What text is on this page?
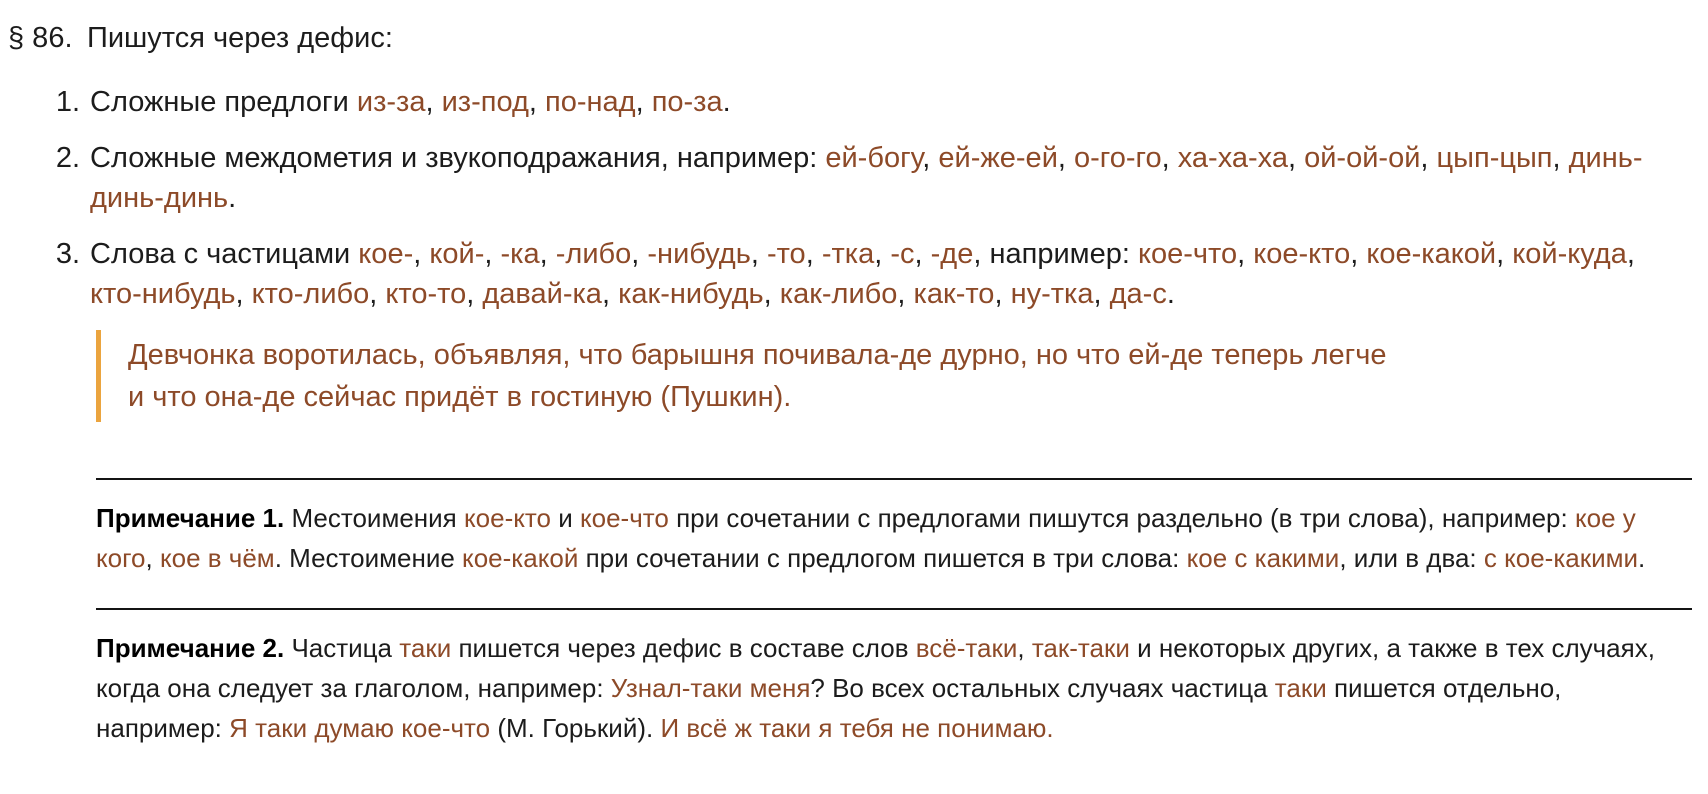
§ 86. Пишутся через дефис:
1. Сложные предлоги из-за, из-под, по-над, по-за.

2. Сложные междометия и звукоподражания, например: ей-богу, ей-же-ей, о-го-го, ха-ха-ха, ой-ой-ой, цып-цып, динь-динь-динь.

3. Слова с частицами кое-, кой-, -ка, -либо, -нибудь, -то, -тка, -с, -де, например: кое-что, кое-кто, кое-какой, кой-куда, кто-нибудь, кто-либо, кто-то, давай-ка, как-нибудь, как-либо, как-то, ну-тка, да-с.

Девчонка воротилась, объявляя, что барышня почивала-де дурно, но что ей-де теперь легче
и что она-де сейчас придёт в гостиную (Пушкин).

Примечание 1. Местоимения кое-кто и кое-что при сочетании с предлогами пишутся раздельно (в три слова), например: кое у кого, кое в чём. Местоимение кое-какой при сочетании с предлогом пишется в три слова: кое с какими, или в два: с кое-какими.

Примечание 2. Частица таки пишется через дефис в составе слов всё-таки, так-таки и некоторых других, а также в тех случаях, когда она следует за глаголом, например: Узнал-таки меня? Во всех остальных случаях частица таки пишется отдельно, например: Я таки думаю кое-что (М. Горький). И всё ж таки я тебя не понимаю.
